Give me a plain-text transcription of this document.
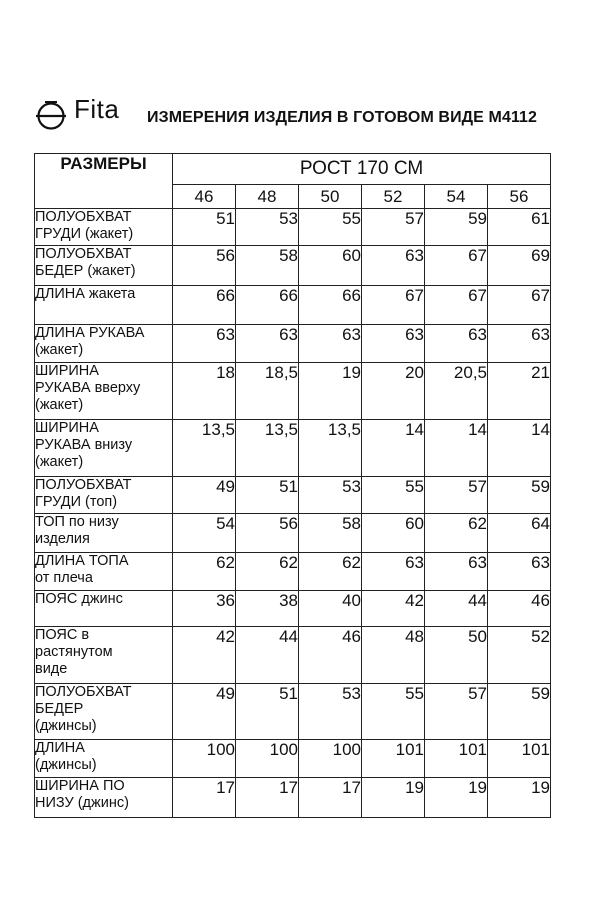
Fita ИЗМЕРЕНИЯ ИЗДЕЛИЯ В ГОТОВОМ ВИДЕ М4112
РАЗМЕРЫ	РОСТ 170 СМ					
	46	48	50	52	54	56
ПОЛУОБХВАТ
ГРУДИ (жакет)	51	53	55	57	59	61
ПОЛУОБХВАТ
БЕДЕР (жакет)	56	58	60	63	67	69
ДЛИНА жакета	66	66	66	67	67	67
ДЛИНА РУКАВА
(жакет)	63	63	63	63	63	63
ШИРИНА
РУКАВА вверху
(жакет)	18	18,5	19	20	20,5	21
ШИРИНА
РУКАВА внизу
(жакет)	13,5	13,5	13,5	14	14	14
ПОЛУОБХВАТ
ГРУДИ (топ)	49	51	53	55	57	59
ТОП по низу
изделия	54	56	58	60	62	64
ДЛИНА ТОПА
от плеча	62	62	62	63	63	63
ПОЯС джинс	36	38	40	42	44	46
ПОЯС в
растянутом
виде	42	44	46	48	50	52
ПОЛУОБХВАТ
БЕДЕР
(джинсы)	49	51	53	55	57	59
ДЛИНА
(джинсы)	100	100	100	101	101	101
ШИРИНА ПО
НИЗУ (джинс)	17	17	17	19	19	19
